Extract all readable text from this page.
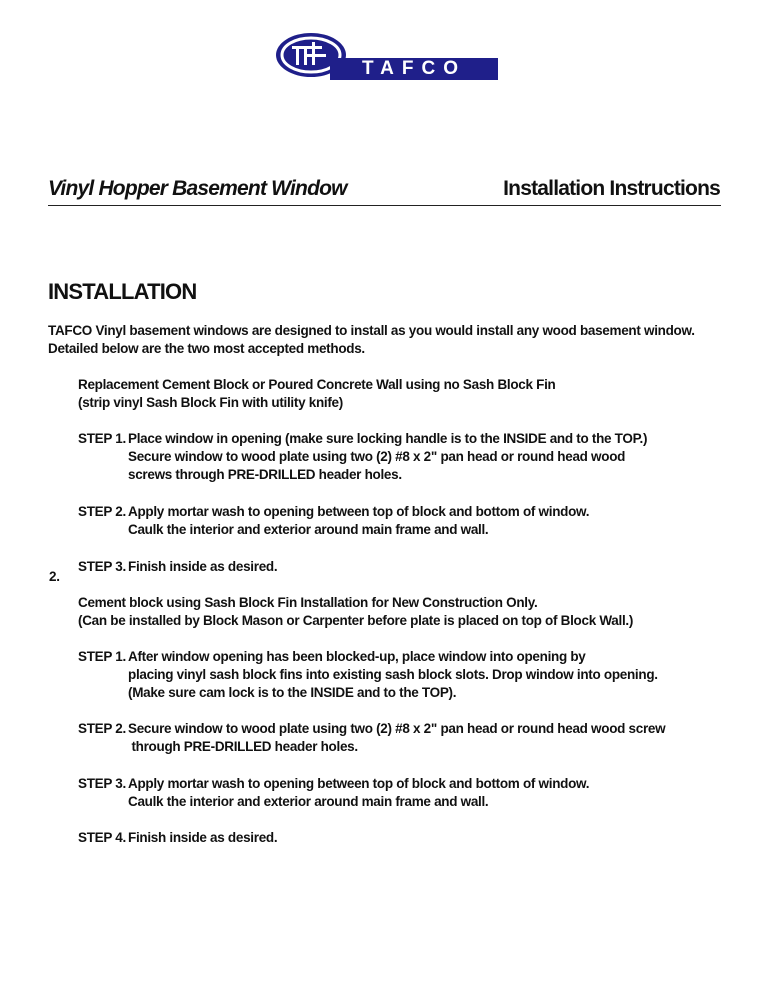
TAFCO
Vinyl Hopper Basement Window	Installation Instructions
INSTALLATION
TAFCO Vinyl basement windows are designed to install as you would install any wood basement window.
Detailed below are the two most accepted methods.
Replacement Cement Block or Poured Concrete Wall using no Sash Block Fin
(strip vinyl Sash Block Fin with utility knife)
STEP 1. Place window in opening (make sure locking handle is to the INSIDE and to the TOP.)
Secure window to wood plate using two (2) #8 x 2" pan head or round head wood
screws through PRE-DRILLED header holes.
STEP 2. Apply mortar wash to opening between top of block and bottom of window.
Caulk the interior and exterior around main frame and wall.
STEP 3. Finish inside as desired.
2.
Cement block using Sash Block Fin Installation for New Construction Only.
(Can be installed by Block Mason or Carpenter before plate is placed on top of Block Wall.)
STEP 1. After window opening has been blocked-up, place window into opening by
placing vinyl sash block fins into existing sash block slots. Drop window into opening.
(Make sure cam lock is to the INSIDE and to the TOP).
STEP 2. Secure window to wood plate using two (2) #8 x 2" pan head or round head wood screw
through PRE-DRILLED header holes.
STEP 3. Apply mortar wash to opening between top of block and bottom of window.
Caulk the interior and exterior around main frame and wall.
STEP 4. Finish inside as desired.
